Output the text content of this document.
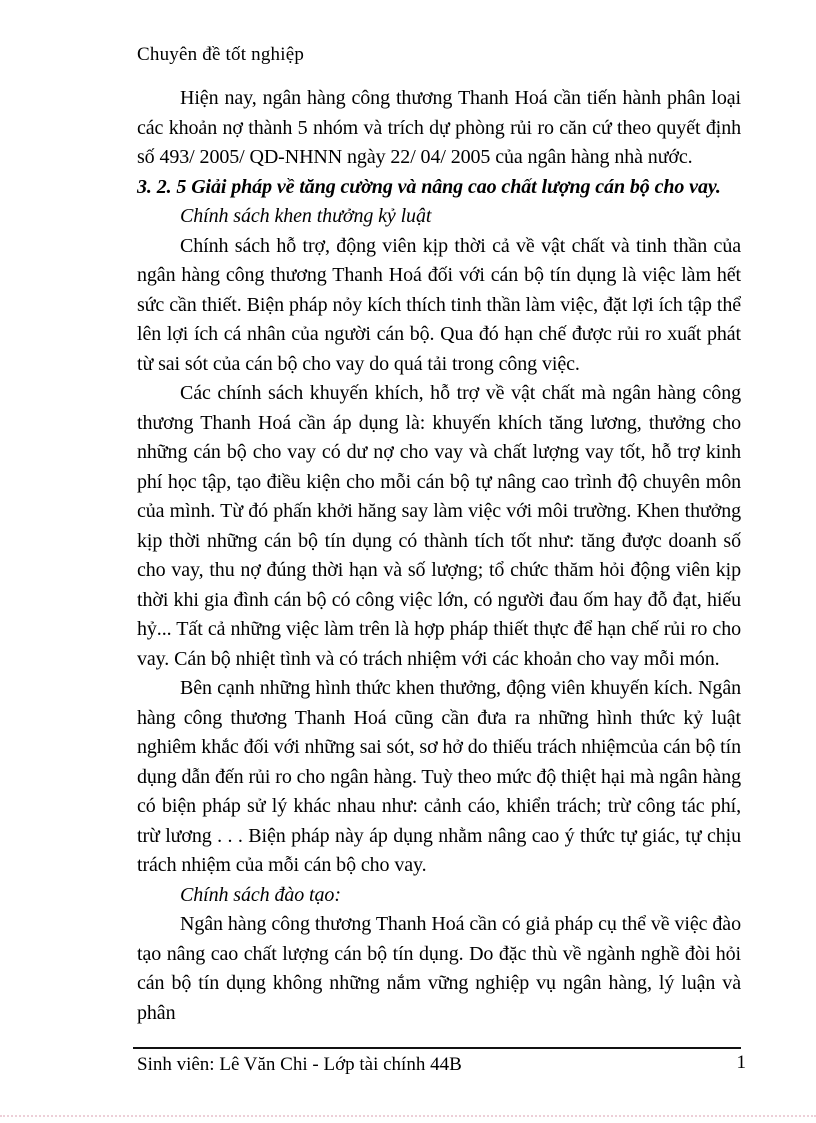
Chuyên đề tốt nghiệp

Hiện nay, ngân hàng công thương Thanh Hoá cần tiến hành phân loại các khoản nợ thành 5 nhóm và trích dự phòng rủi ro căn cứ theo quyết định số 493/ 2005/ QD-NHNN ngày 22/ 04/ 2005 của ngân hàng nhà nước.

3. 2. 5 Giải pháp về tăng cường và nâng cao chất lượng cán bộ cho vay.

Chính sách khen thưởng kỷ luật

Chính sách hỗ trợ, động viên kịp thời cả về vật chất và tinh thần của ngân hàng công thương Thanh Hoá đối với cán bộ tín dụng là việc làm hết sức cần thiết. Biện pháp nỏy kích thích tinh thần làm việc, đặt lợi ích tập thể lên lợi ích cá nhân của người cán bộ. Qua đó hạn chế được rủi ro xuất phát từ sai sót của cán bộ cho vay do quá tải trong công việc.

Các chính sách khuyến khích, hỗ trợ về vật chất mà ngân hàng công thương Thanh Hoá cần áp dụng là: khuyến khích tăng lương, thưởng cho những cán bộ cho vay có dư nợ cho vay và chất lượng vay tốt, hỗ trợ kinh phí học tập, tạo điều kiện cho mỗi cán bộ tự nâng cao trình độ chuyên môn của mình. Từ đó phấn khởi hăng say làm việc với môi trường. Khen thưởng kịp thời những cán bộ tín dụng có thành tích tốt như: tăng được doanh số cho vay, thu nợ đúng thời hạn và số lượng; tổ chức thăm hỏi động viên kịp thời khi gia đình cán bộ có công việc lớn, có người đau ốm hay đỗ đạt, hiếu hỷ... Tất cả những việc làm trên là hợp pháp thiết thực để hạn chế rủi ro cho vay. Cán bộ nhiệt tình và có trách nhiệm với các khoản cho vay mỗi món.

Bên cạnh những hình thức khen thưởng, động viên khuyến kích. Ngân hàng công thương Thanh Hoá cũng cần đưa ra những hình thức kỷ luật nghiêm khắc đối với những sai sót, sơ hở do thiếu trách nhiệmcủa cán bộ tín dụng dẫn đến rủi ro cho ngân hàng. Tuỳ theo mức độ thiệt hại mà ngân hàng có biện pháp sử lý khác nhau như: cảnh cáo, khiển trách; trừ công tác phí, trừ lương . . . Biện pháp này áp dụng nhằm nâng cao ý thức tự giác, tự chịu trách nhiệm của mỗi cán bộ cho vay.

Chính sách đào tạo:

Ngân hàng công thương Thanh Hoá cần có giả pháp cụ thể về việc đào tạo nâng cao chất lượng cán bộ tín dụng. Do đặc thù về ngành nghề đòi hỏi cán bộ tín dụng không những nắm vững nghiệp vụ ngân hàng, lý luận và phân

Sinh viên: Lê Văn Chi - Lớp tài chính 44B	1
